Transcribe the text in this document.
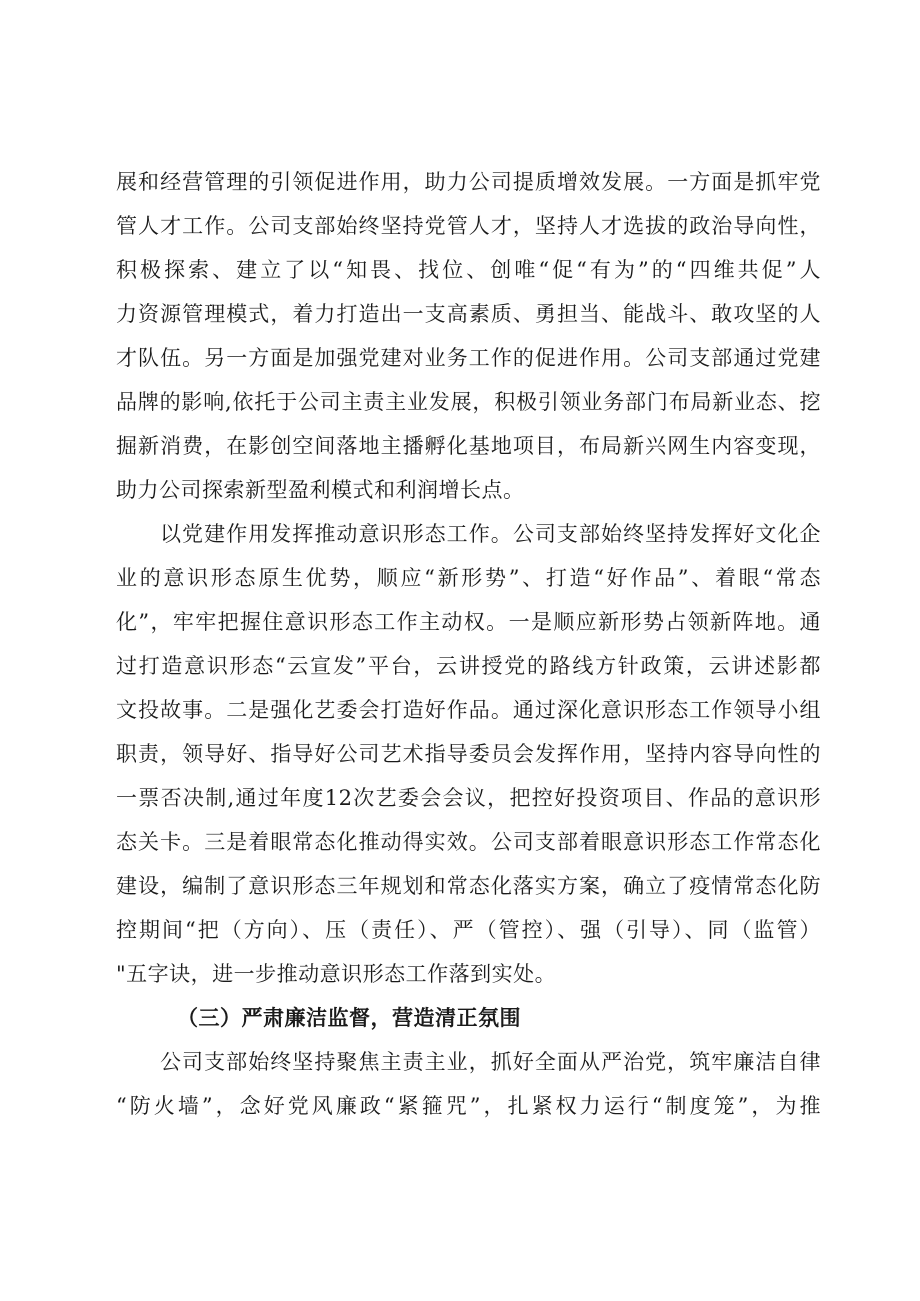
展和经营管理的引领促进作用，助力公司提质增效发展。一方面是抓牢党
管人才工作。公司支部始终坚持党管人才，坚持人才选拔的政治导向性，
积极探索、建立了以“知畏、找位、创唯“促“有为”的“四维共促”人
力资源管理模式，着力打造出一支高素质、勇担当、能战斗、敢攻坚的人
才队伍。另一方面是加强党建对业务工作的促进作用。公司支部通过党建
品牌的影响,依托于公司主责主业发展，积极引领业务部门布局新业态、挖
掘新消费，在影创空间落地主播孵化基地项目，布局新兴网生内容变现，
助力公司探索新型盈利模式和利润增长点。
以党建作用发挥推动意识形态工作。公司支部始终坚持发挥好文化企
业的意识形态原生优势，顺应“新形势”、打造“好作品”、着眼“常态
化”，牢牢把握住意识形态工作主动权。一是顺应新形势占领新阵地。通
过打造意识形态“云宣发”平台，云讲授党的路线方针政策，云讲述影都
文投故事。二是强化艺委会打造好作品。通过深化意识形态工作领导小组
职责，领导好、指导好公司艺术指导委员会发挥作用，坚持内容导向性的
一票否决制,通过年度12次艺委会会议，把控好投资项目、作品的意识形
态关卡。三是着眼常态化推动得实效。公司支部着眼意识形态工作常态化
建设，编制了意识形态三年规划和常态化落实方案，确立了疫情常态化防
控期间“把（方向）、压（责任）、严（管控）、强（引导）、同（监管）
"五字诀，进一步推动意识形态工作落到实处。
（三）严肃廉洁监督，营造清正氛围
公司支部始终坚持聚焦主责主业，抓好全面从严治党，筑牢廉洁自律
“防火墙”，念好党风廉政“紧箍咒”，扎紧权力运行“制度笼”，为推
